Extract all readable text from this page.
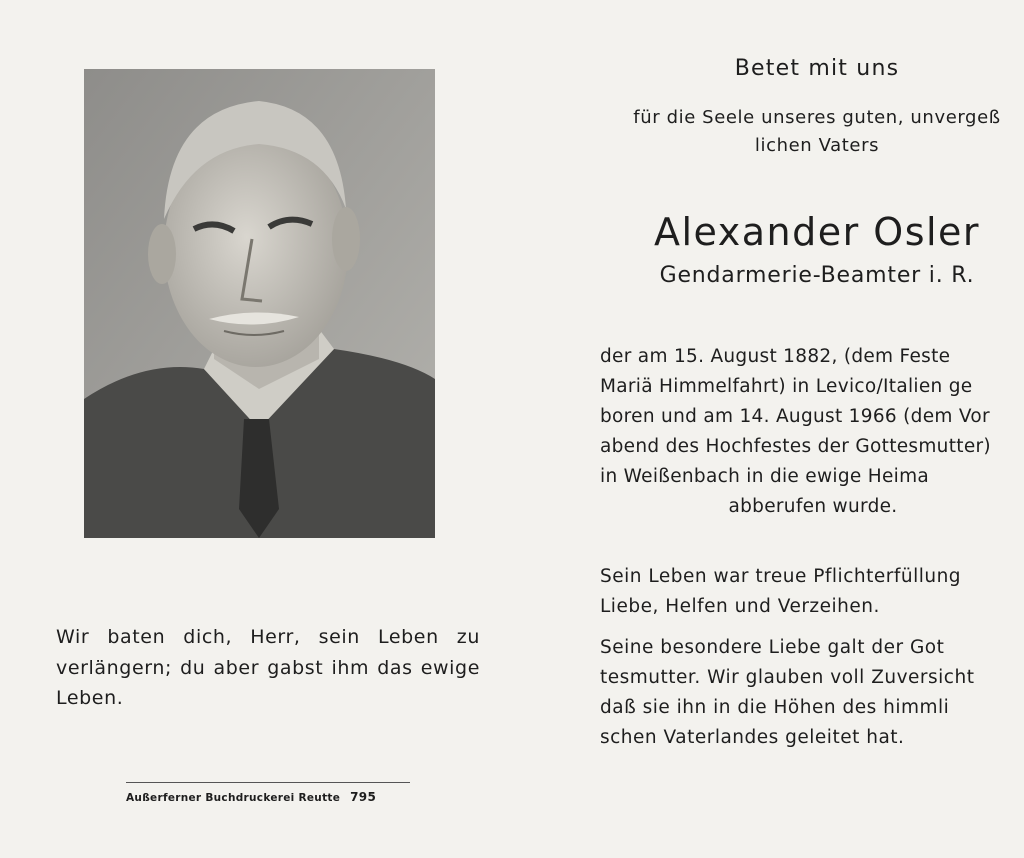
Wir baten dich, Herr, sein Leben zu verlängern; du aber gabst ihm das ewige Leben.

Außerferner Buchdruckerei Reutte 795
Betet mit uns
für die Seele unseres guten, unvergeß
lichen Vaters
Alexander Osler
Gendarmerie-Beamter i. R.
der am 15. August 1882, (dem Feste
Mariä Himmelfahrt) in Levico/Italien ge
boren und am 14. August 1966 (dem Vor
abend des Hochfestes der Gottesmutter)
in Weißenbach in die ewige Heima
abberufen wurde.
Sein Leben war treue Pflichterfüllung
Liebe, Helfen und Verzeihen.
Seine besondere Liebe galt der Got
tesmutter. Wir glauben voll Zuversicht
daß sie ihn in die Höhen des himmli
schen Vaterlandes geleitet hat.
